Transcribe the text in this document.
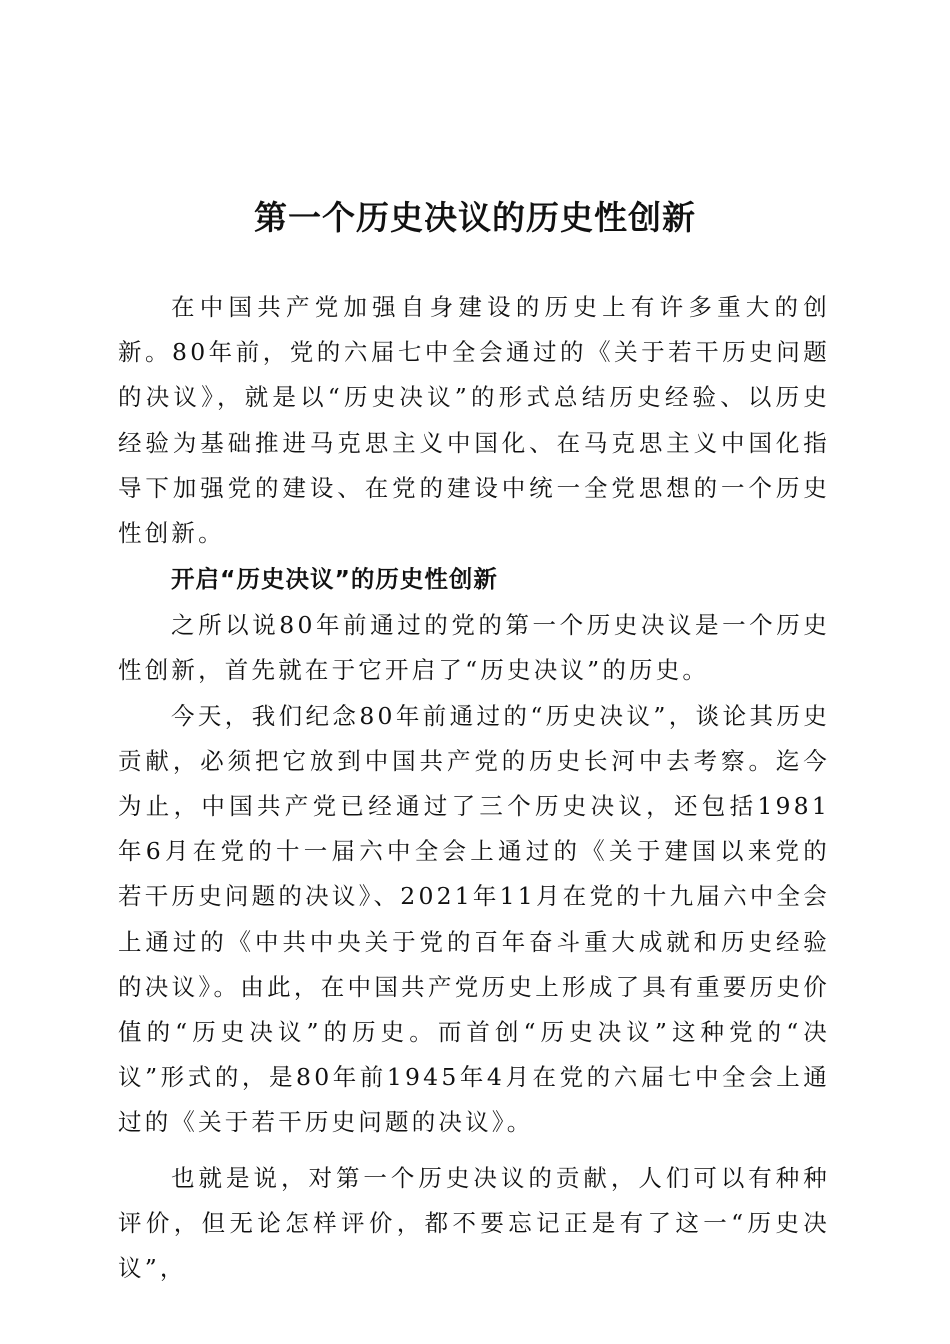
第一个历史决议的历史性创新

在中国共产党加强自身建设的历史上有许多重大的创新。80年前，党的六届七中全会通过的《关于若干历史问题的决议》，就是以“历史决议”的形式总结历史经验、以历史经验为基础推进马克思主义中国化、在马克思主义中国化指导下加强党的建设、在党的建设中统一全党思想的一个历史性创新。

开启“历史决议”的历史性创新

之所以说80年前通过的党的第一个历史决议是一个历史性创新，首先就在于它开启了“历史决议”的历史。

今天，我们纪念80年前通过的“历史决议”，谈论其历史贡献，必须把它放到中国共产党的历史长河中去考察。迄今为止，中国共产党已经通过了三个历史决议，还包括1981年6月在党的十一届六中全会上通过的《关于建国以来党的若干历史问题的决议》、2021年11月在党的十九届六中全会上通过的《中共中央关于党的百年奋斗重大成就和历史经验的决议》。由此，在中国共产党历史上形成了具有重要历史价值的“历史决议”的历史。而首创“历史决议”这种党的“决议”形式的，是80年前1945年4月在党的六届七中全会上通过的《关于若干历史问题的决议》。

也就是说，对第一个历史决议的贡献，人们可以有种种评价，但无论怎样评价，都不要忘记正是有了这一“历史决议”，
